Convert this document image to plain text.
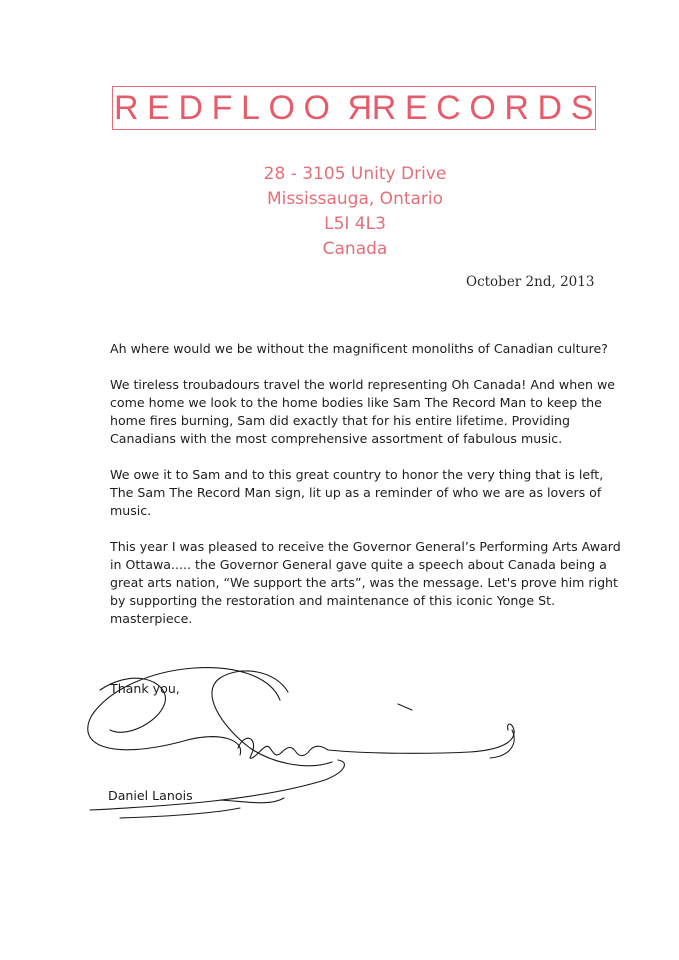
REDFLOORRECORDS
28 - 3105 Unity Drive
Mississauga, Ontario
L5I 4L3
Canada
October 2nd, 2013

Ah where would we be without the magnificent monoliths of Canadian culture?

We tireless troubadours travel the world representing Oh Canada! And when we come home we look to the home bodies like Sam The Record Man to keep the home fires burning, Sam did exactly that for his entire lifetime. Providing Canadians with the most comprehensive assortment of fabulous music.

We owe it to Sam and to this great country to honor the very thing that is left, The Sam The Record Man sign, lit up as a reminder of who we are as lovers of music.

This year I was pleased to receive the Governor General’s Performing Arts Award in Ottawa..... the Governor General gave quite a speech about Canada being a great arts nation, “We support the arts”, was the message. Let's prove him right by supporting the restoration and maintenance of this iconic Yonge St. masterpiece.

Thank you,
Daniel Lanois
